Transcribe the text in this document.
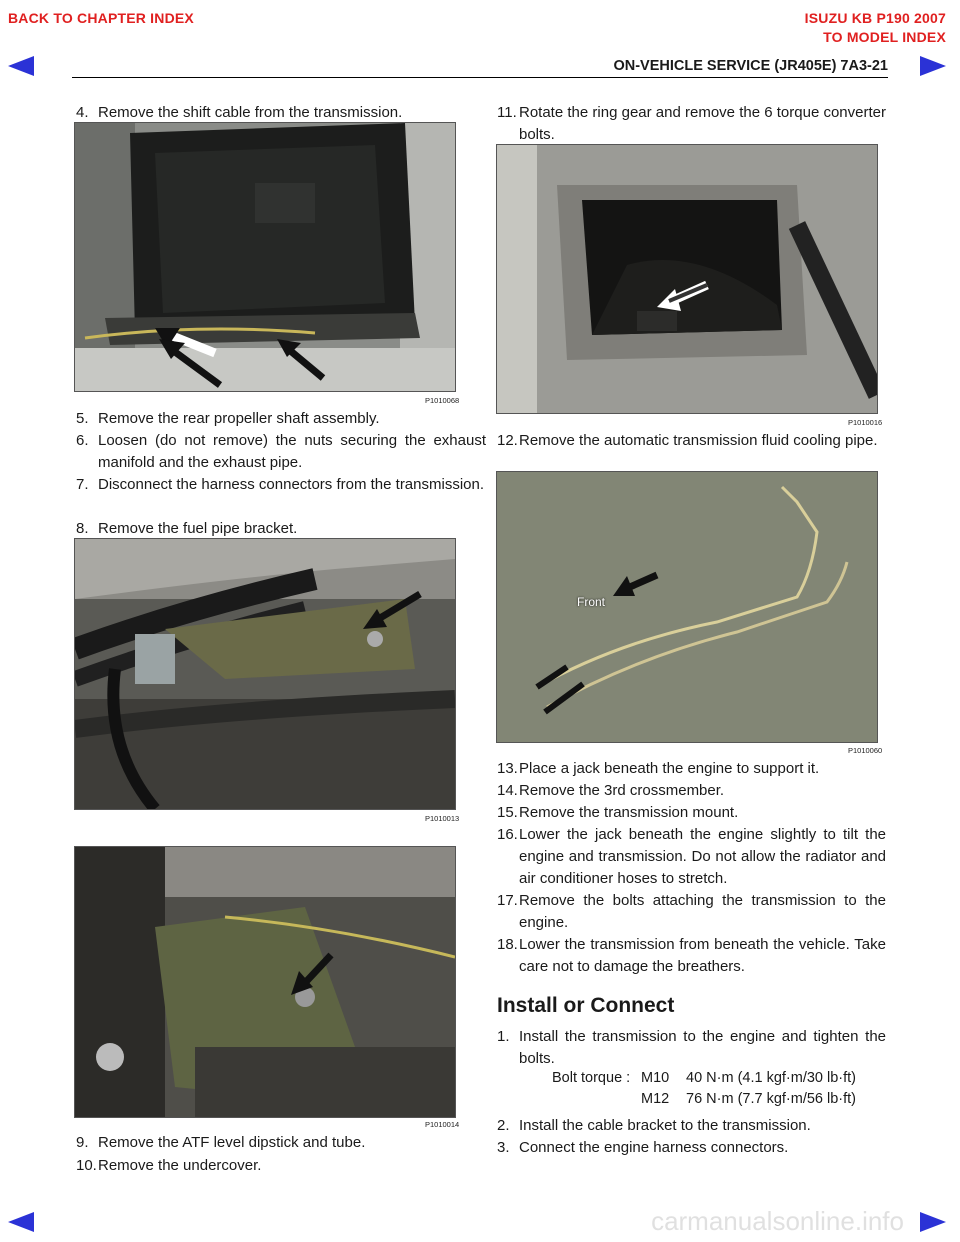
BACK TO CHAPTER INDEX	ISUZU KB P190 2007
TO MODEL INDEX
ON-VEHICLE SERVICE (JR405E) 7A3-21
4. Remove the shift cable from the transmission.
P1010068
5. Remove the rear propeller shaft assembly.
6. Loosen (do not remove) the nuts securing the exhaust manifold and the exhaust pipe.
7. Disconnect the harness connectors from the transmission.
8. Remove the fuel pipe bracket.
P1010013
P1010014
9. Remove the ATF level dipstick and tube.
10. Remove the undercover.
11. Rotate the ring gear and remove the 6 torque converter bolts.
P1010016
12. Remove the automatic transmission fluid cooling pipe.
Front
P1010060
13. Place a jack beneath the engine to support it.
14. Remove the 3rd crossmember.
15. Remove the transmission mount.
16. Lower the jack beneath the engine slightly to tilt the engine and transmission. Do not allow the radiator and air conditioner hoses to stretch.
17. Remove the bolts attaching the transmission to the engine.
18. Lower the transmission from beneath the vehicle. Take care not to damage the breathers.
Install or Connect
1. Install the transmission to the engine and tighten the bolts.
Bolt torque : M10 40 N·m (4.1 kgf·m/30 lb·ft)
M12 76 N·m (7.7 kgf·m/56 lb·ft)
2. Install the cable bracket to the transmission.
3. Connect the engine harness connectors.
carmanualsonline.info
